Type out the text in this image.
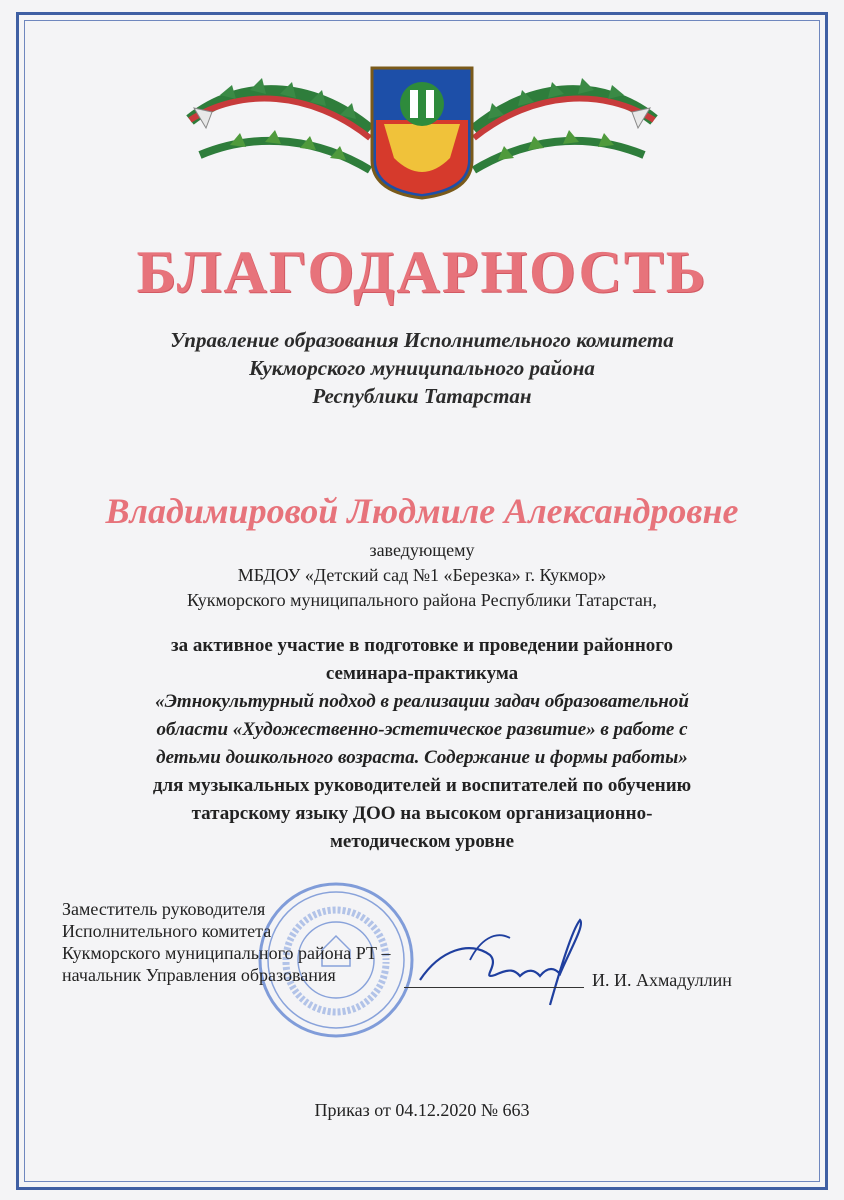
БЛАГОДАРНОСТЬ
Управление образования Исполнительного комитета
Кукморского муниципального района
Республики Татарстан
Владимировой Людмиле Александровне
заведующему
МБДОУ «Детский сад №1 «Березка» г. Кукмор»
Кукморского муниципального района Республики Татарстан,
за активное участие в подготовке и проведении районного
семинара-практикума
«Этнокультурный подход в реализации задач образовательной
области «Художественно-эстетическое развитие» в работе с
детьми дошкольного возраста. Содержание и формы работы»
для музыкальных руководителей и воспитателей по обучению
татарскому языку ДОО на высоком организационно-
методическом уровне
Заместитель руководителя
Исполнительного комитета
Кукморского муниципального района РТ –
начальник Управления образования	И. И. Ахмадуллин
Приказ от 04.12.2020 № 663
